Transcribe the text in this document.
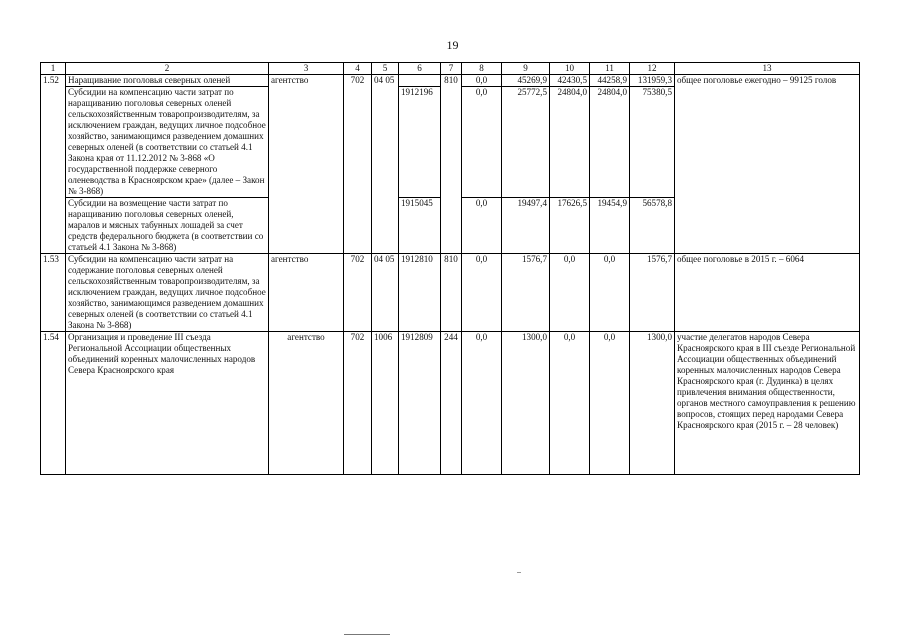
19
1	2	3	4	5	6	7	8	9	10	11	12	13
1.52	Наращивание поголовья северных оленей	агентство	702	04 05		810	0,0	45269,9	42430,5	44258,9	131959,3	общее поголовье ежегодно – 99125 голов
	Субсидии на компенсацию части затрат по наращиванию поголовья северных оленей сельскохозяйственным товаропроизводителям, за исключением граждан, ведущих личное подсобное хозяйство, занимающимся разведением домашних северных оленей (в соответствии со статьей 4.1 Закона края от 11.12.2012 № 3-868 «О государственной поддержке северного оленеводства в Красноярском крае» (далее – Закон № 3-868)				1912196		0,0	25772,5	24804,0	24804,0	75380,5	
	Субсидии на возмещение части затрат по наращиванию поголовья северных оленей, маралов и мясных табунных лошадей за счет средств федерального бюджета (в соответствии со статьей 4.1 Закона № 3-868)				1915045		0,0	19497,4	17626,5	19454,9	56578,8	
1.53	Субсидии на компенсацию части затрат на содержание поголовья северных оленей сельскохозяйственным товаропроизводителям, за исключением граждан, ведущих личное подсобное хозяйство, занимающимся разведением домашних северных оленей (в соответствии со статьей 4.1 Закона № 3-868)	агентство	702	04 05	1912810	810	0,0	1576,7	0,0	0,0	1576,7	общее поголовье в 2015 г. – 6064
1.54	Организация и проведение III съезда Региональной Ассоциации общественных объединений коренных малочисленных народов Севера Красноярского края	агентство	702	1006	1912809	244	0,0	1300,0	0,0	0,0	1300,0	участие делегатов народов Севера Красноярского края в III съезде Региональной Ассоциации общественных объединений коренных малочисленных народов Севера Красноярского края (г. Дудинка) в целях привлечения внимания общественности, органов местного самоуправления к решению вопросов, стоящих перед народами Севера Красноярского края (2015 г. – 28 человек)
